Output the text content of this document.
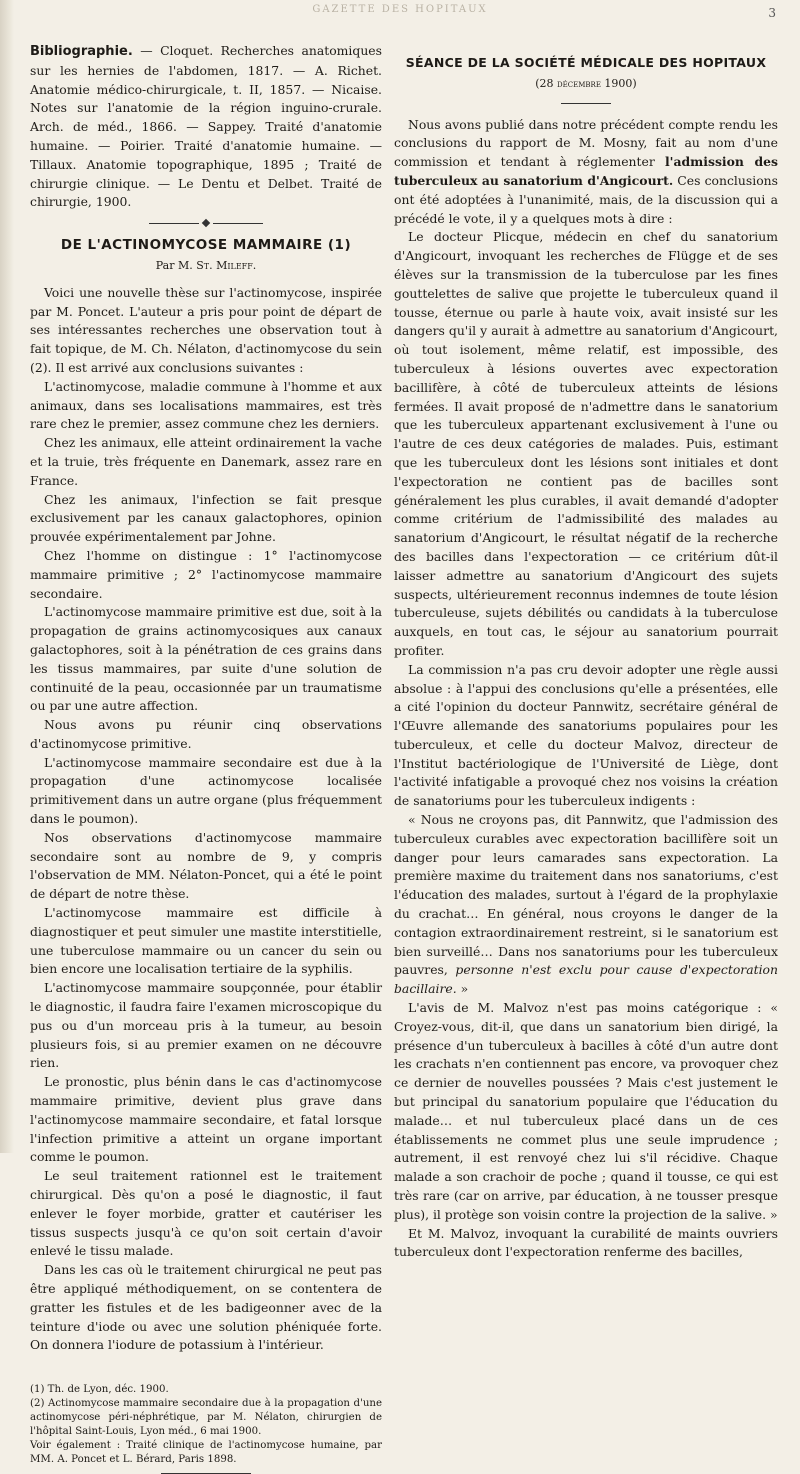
GAZETTE DES HOPITAUX	3

Bibliographie. — Cloquet. Recherches anatomiques sur les hernies de l'abdomen, 1817. — A. Richet. Anatomie médico-chirurgicale, t. II, 1857. — Nicaise. Notes sur l'anatomie de la région inguino-crurale. Arch. de méd., 1866. — Sappey. Traité d'anatomie humaine. — Poirier. Traité d'anatomie humaine. — Tillaux. Anatomie topographique, 1895 ; Traité de chirurgie clinique. — Le Dentu et Delbet. Traité de chirurgie, 1900.

DE L'ACTINOMYCOSE MAMMAIRE (1)
Par M. St. Mileff.

Voici une nouvelle thèse sur l'actinomycose, inspirée par M. Poncet. L'auteur a pris pour point de départ de ses intéressantes recherches une observation tout à fait topique, de M. Ch. Nélaton, d'actinomycose du sein (2). Il est arrivé aux conclusions suivantes :

L'actinomycose, maladie commune à l'homme et aux animaux, dans ses localisations mammaires, est très rare chez le premier, assez commune chez les derniers.

Chez les animaux, elle atteint ordinairement la vache et la truie, très fréquente en Danemark, assez rare en France.

Chez les animaux, l'infection se fait presque exclusivement par les canaux galactophores, opinion prouvée expérimentalement par Johne.

Chez l'homme on distingue : 1° l'actinomycose mammaire primitive ; 2° l'actinomycose mammaire secondaire.

L'actinomycose mammaire primitive est due, soit à la propagation de grains actinomycosiques aux canaux galactophores, soit à la pénétration de ces grains dans les tissus mammaires, par suite d'une solution de continuité de la peau, occasionnée par un traumatisme ou par une autre affection.

Nous avons pu réunir cinq observations d'actinomycose primitive.

L'actinomycose mammaire secondaire est due à la propagation d'une actinomycose localisée primitivement dans un autre organe (plus fréquemment dans le poumon).

Nos observations d'actinomycose mammaire secondaire sont au nombre de 9, y compris l'observation de MM. Nélaton-Poncet, qui a été le point de départ de notre thèse.

L'actinomycose mammaire est difficile à diagnostiquer et peut simuler une mastite interstitielle, une tuberculose mammaire ou un cancer du sein ou bien encore une localisation tertiaire de la syphilis.

L'actinomycose mammaire soupçonnée, pour établir le diagnostic, il faudra faire l'examen microscopique du pus ou d'un morceau pris à la tumeur, au besoin plusieurs fois, si au premier examen on ne découvre rien.

Le pronostic, plus bénin dans le cas d'actinomycose mammaire primitive, devient plus grave dans l'actinomycose mammaire secondaire, et fatal lorsque l'infection primitive a atteint un organe important comme le poumon.

Le seul traitement rationnel est le traitement chirurgical. Dès qu'on a posé le diagnostic, il faut enlever le foyer morbide, gratter et cautériser les tissus suspects jusqu'à ce qu'on soit certain d'avoir enlevé le tissu malade.

Dans les cas où le traitement chirurgical ne peut pas être appliqué méthodiquement, on se contentera de gratter les fistules et de les badigeonner avec de la teinture d'iode ou avec une solution phéniquée forte. On donnera l'iodure de potassium à l'intérieur.

(1) Th. de Lyon, déc. 1900.

(2) Actinomycose mammaire secondaire due à la propagation d'une actinomycose péri-néphrétique, par M. Nélaton, chirurgien de l'hôpital Saint-Louis, Lyon méd., 6 mai 1900.

Voir également : Traité clinique de l'actinomycose humaine, par MM. A. Poncet et L. Bérard, Paris 1898.

SÉANCE DE LA SOCIÉTÉ MÉDICALE DES HOPITAUX
(28 décembre 1900)

Nous avons publié dans notre précédent compte rendu les conclusions du rapport de M. Mosny, fait au nom d'une commission et tendant à réglementer l'admission des tuberculeux au sanatorium d'Angicourt. Ces conclusions ont été adoptées à l'unanimité, mais, de la discussion qui a précédé le vote, il y a quelques mots à dire :

Le docteur Plicque, médecin en chef du sanatorium d'Angicourt, invoquant les recherches de Flügge et de ses élèves sur la transmission de la tuberculose par les fines gouttelettes de salive que projette le tuberculeux quand il tousse, éternue ou parle à haute voix, avait insisté sur les dangers qu'il y aurait à admettre au sanatorium d'Angicourt, où tout isolement, même relatif, est impossible, des tuberculeux à lésions ouvertes avec expectoration bacillifère, à côté de tuberculeux atteints de lésions fermées. Il avait proposé de n'admettre dans le sanatorium que les tuberculeux appartenant exclusivement à l'une ou l'autre de ces deux catégories de malades. Puis, estimant que les tuberculeux dont les lésions sont initiales et dont l'expectoration ne contient pas de bacilles sont généralement les plus curables, il avait demandé d'adopter comme critérium de l'admissibilité des malades au sanatorium d'Angicourt, le résultat négatif de la recherche des bacilles dans l'expectoration — ce critérium dût-il laisser admettre au sanatorium d'Angicourt des sujets suspects, ultérieurement reconnus indemnes de toute lésion tuberculeuse, sujets débilités ou candidats à la tuberculose auxquels, en tout cas, le séjour au sanatorium pourrait profiter.

La commission n'a pas cru devoir adopter une règle aussi absolue : à l'appui des conclusions qu'elle a présentées, elle a cité l'opinion du docteur Pannwitz, secrétaire général de l'Œuvre allemande des sanatoriums populaires pour les tuberculeux, et celle du docteur Malvoz, directeur de l'Institut bactériologique de l'Université de Liège, dont l'activité infatigable a provoqué chez nos voisins la création de sanatoriums pour les tuberculeux indigents :

« Nous ne croyons pas, dit Pannwitz, que l'admission des tuberculeux curables avec expectoration bacillifère soit un danger pour leurs camarades sans expectoration. La première maxime du traitement dans nos sanatoriums, c'est l'éducation des malades, surtout à l'égard de la prophylaxie du crachat… En général, nous croyons le danger de la contagion extraordinairement restreint, si le sanatorium est bien surveillé… Dans nos sanatoriums pour les tuberculeux pauvres, personne n'est exclu pour cause d'expectoration bacillaire. »

L'avis de M. Malvoz n'est pas moins catégorique : « Croyez-vous, dit-il, que dans un sanatorium bien dirigé, la présence d'un tuberculeux à bacilles à côté d'un autre dont les crachats n'en contiennent pas encore, va provoquer chez ce dernier de nouvelles poussées ? Mais c'est justement le but principal du sanatorium populaire que l'éducation du malade… et nul tuberculeux placé dans un de ces établissements ne commet plus une seule imprudence ; autrement, il est renvoyé chez lui s'il récidive. Chaque malade a son crachoir de poche ; quand il tousse, ce qui est très rare (car on arrive, par éducation, à ne tousser presque plus), il protège son voisin contre la projection de la salive. »

Et M. Malvoz, invoquant la curabilité de maints ouvriers tuberculeux dont l'expectoration renferme des bacilles,
